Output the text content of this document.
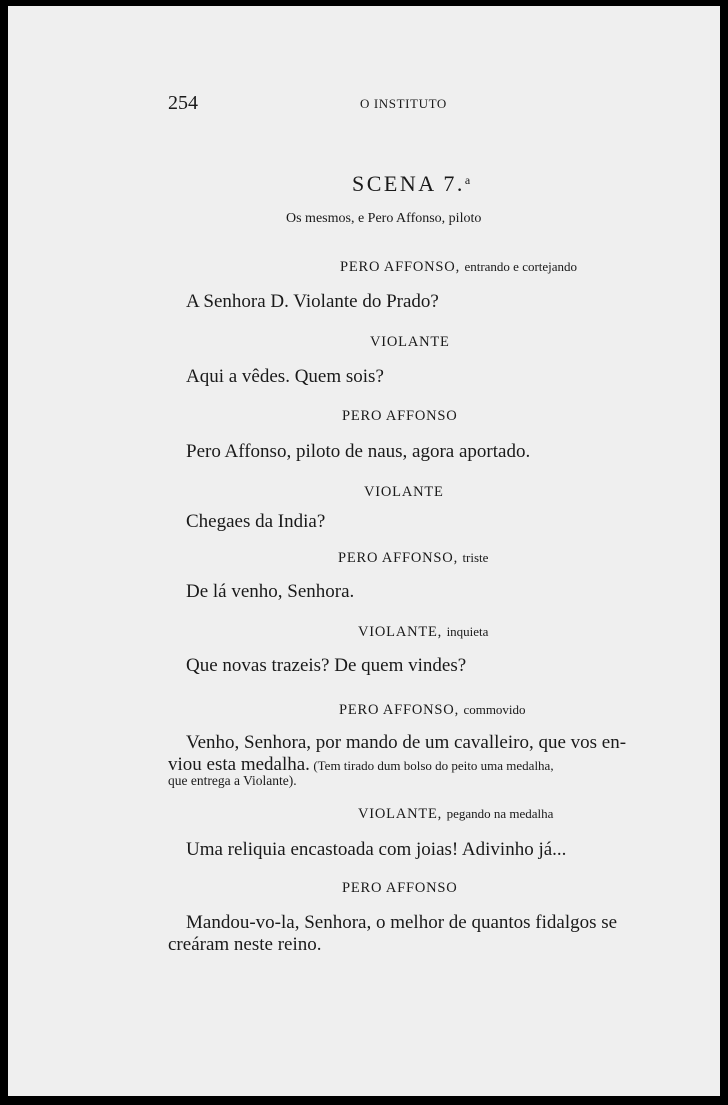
254	O INSTITUTO
SCENA 7.$^a$
Os mesmos, e Pero Affonso, piloto
PERO AFFONSO, entrando e cortejando
A Senhora D. Violante do Prado?
VIOLANTE
Aqui a vêdes. Quem sois?
PERO AFFONSO
Pero Affonso, piloto de naus, agora aportado.
VIOLANTE
Chegaes da India?
PERO AFFONSO, triste
De lá venho, Senhora.
VIOLANTE, inquieta
Que novas trazeis? De quem vindes?
PERO AFFONSO, commovido
Venho, Senhora, por mando de um cavalleiro, que vos en-
viou esta medalha. (Tem tirado dum bolso do peito uma medalha,
que entrega a Violante).
VIOLANTE, pegando na medalha
Uma reliquia encastoada com joias! Adivinho já...
PERO AFFONSO
Mandou-vo-la, Senhora, o melhor de quantos fidalgos se
creáram neste reino.
